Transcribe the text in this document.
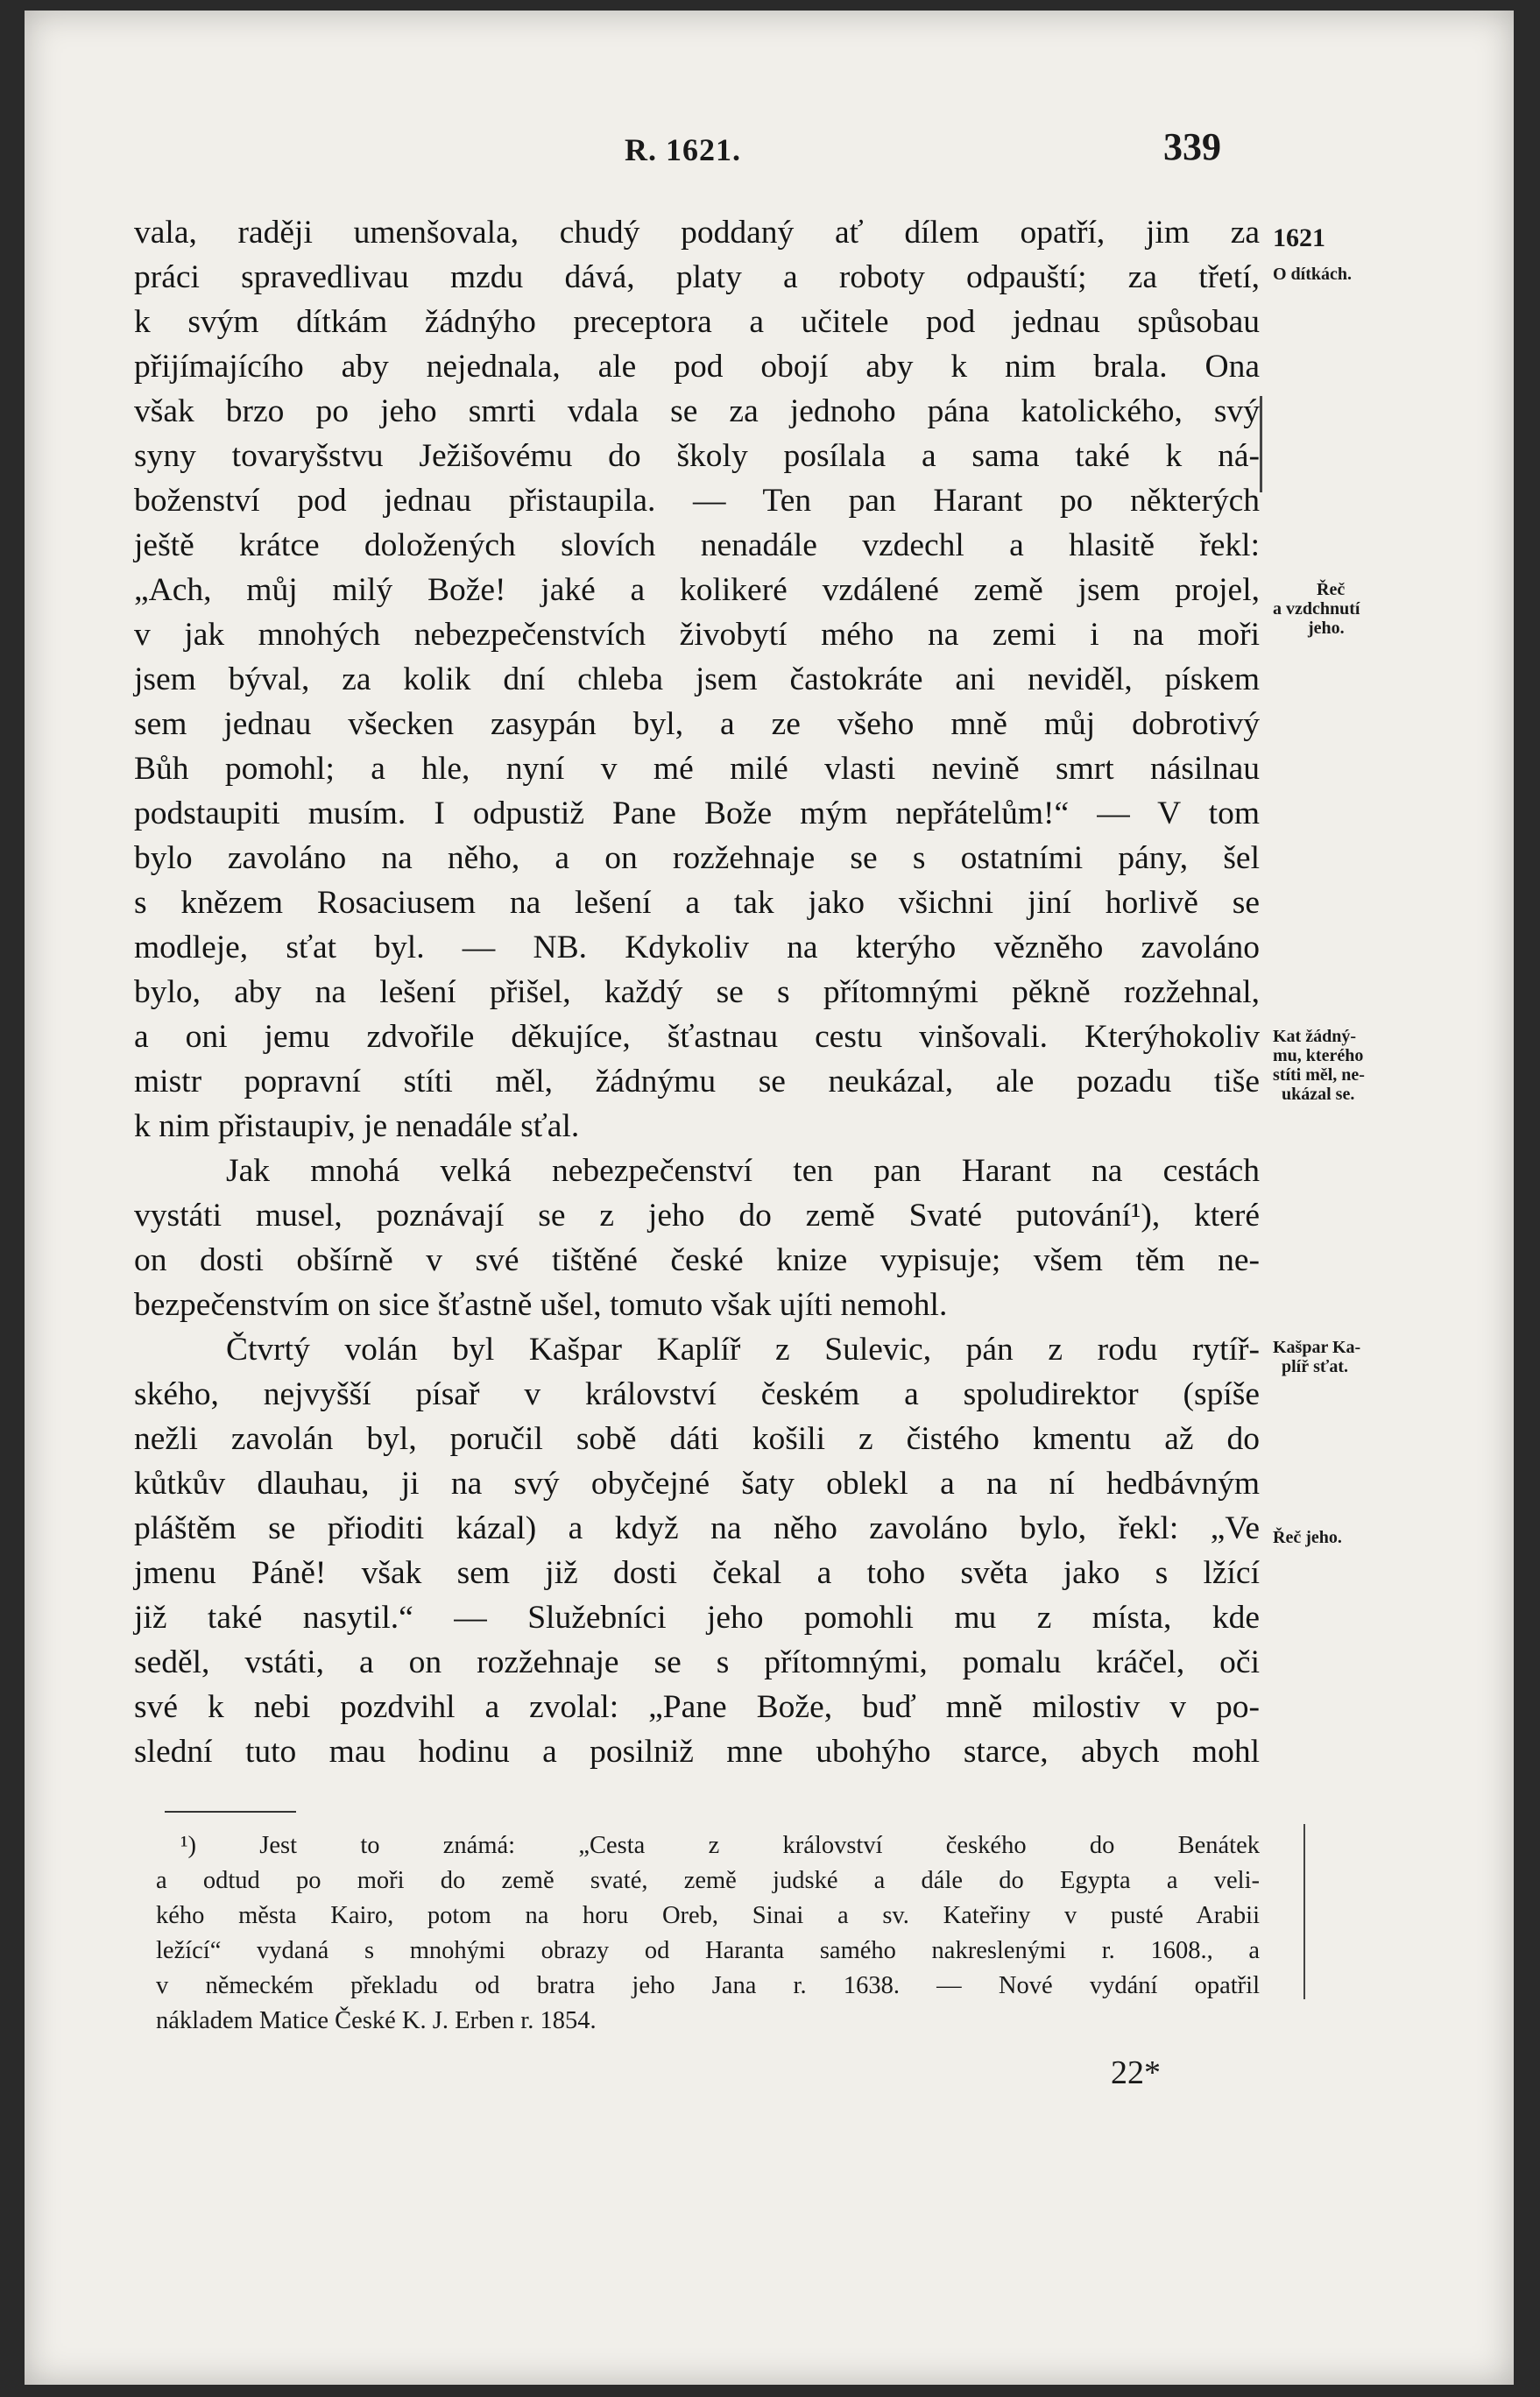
R. 1621.	339
vala, raději umenšovala, chudý poddaný ať dílem opatří, jim za
práci spravedlivau mzdu dává, platy a roboty odpauští; za třetí,
k svým dítkám žádnýho preceptora a učitele pod jednau spůsobau
přijímajícího aby nejednala, ale pod obojí aby k nim brala. Ona
však brzo po jeho smrti vdala se za jednoho pána katolického, svý
syny tovaryšstvu Ježišovému do školy posílala a sama také k ná-
boženství pod jednau přistaupila. — Ten pan Harant po některých
ještě krátce doložených slovích nenadále vzdechl a hlasitě řekl:
„Ach, můj milý Bože! jaké a kolikeré vzdálené země jsem projel,
v jak mnohých nebezpečenstvích živobytí mého na zemi i na moři
jsem býval, za kolik dní chleba jsem častokráte ani neviděl, pískem
sem jednau všecken zasypán byl, a ze všeho mně můj dobrotivý
Bůh pomohl; a hle, nyní v mé milé vlasti nevině smrt násilnau
podstaupiti musím. I odpustiž Pane Bože mým nepřátelům!“ — V tom
bylo zavoláno na něho, a on rozžehnaje se s ostatními pány, šel
s knězem Rosaciusem na lešení a tak jako všichni jiní horlivě se
modleje, sťat byl. — NB. Kdykoliv na kterýho vězněho zavoláno
bylo, aby na lešení přišel, každý se s přítomnými pěkně rozžehnal,
a oni jemu zdvořile děkujíce, šťastnau cestu vinšovali. Kterýhokoliv
mistr popravní stíti měl, žádnýmu se neukázal, ale pozadu tiše
k nim přistaupiv, je nenadále sťal.
Jak mnohá velká nebezpečenství ten pan Harant na cestách
vystáti musel, poznávají se z jeho do země Svaté putování¹), které
on dosti obšírně v své tištěné české knize vypisuje; všem těm ne-
bezpečenstvím on sice šťastně ušel, tomuto však ujíti nemohl.
Čtvrtý volán byl Kašpar Kaplíř z Sulevic, pán z rodu rytíř-
ského, nejvyšší písař v království českém a spoludirektor (spíše
nežli zavolán byl, poručil sobě dáti košili z čistého kmentu až do
kůtkův dlauhau, ji na svý obyčejné šaty oblekl a na ní hedbávným
pláštěm se přioditi kázal) a když na něho zavoláno bylo, řekl: „Ve
jmenu Páně! však sem již dosti čekal a toho světa jako s lžící
již také nasytil.“ — Služebníci jeho pomohli mu z místa, kde
seděl, vstáti, a on rozžehnaje se s přítomnými, pomalu kráčel, oči
své k nebi pozdvihl a zvolal: „Pane Bože, buď mně milostiv v po-
slední tuto mau hodinu a posilniž mne ubohýho starce, abych mohl
1621
O dítkách.
Řeč
a vzdchnutí
jeho.
Kat žádný-
mu, kterého
stíti měl, ne-
ukázal se.
Kašpar Ka-
plíř sťat.
Řeč jeho.
¹) Jest to známá: „Cesta z království českého do Benátek
a odtud po moři do země svaté, země judské a dále do Egypta a veli-
kého města Kairo, potom na horu Oreb, Sinai a sv. Kateřiny v pusté Arabii
ležící“ vydaná s mnohými obrazy od Haranta samého nakreslenými r. 1608., a
v německém překladu od bratra jeho Jana r. 1638. — Nové vydání opatřil
nákladem Matice České K. J. Erben r. 1854.
22*
